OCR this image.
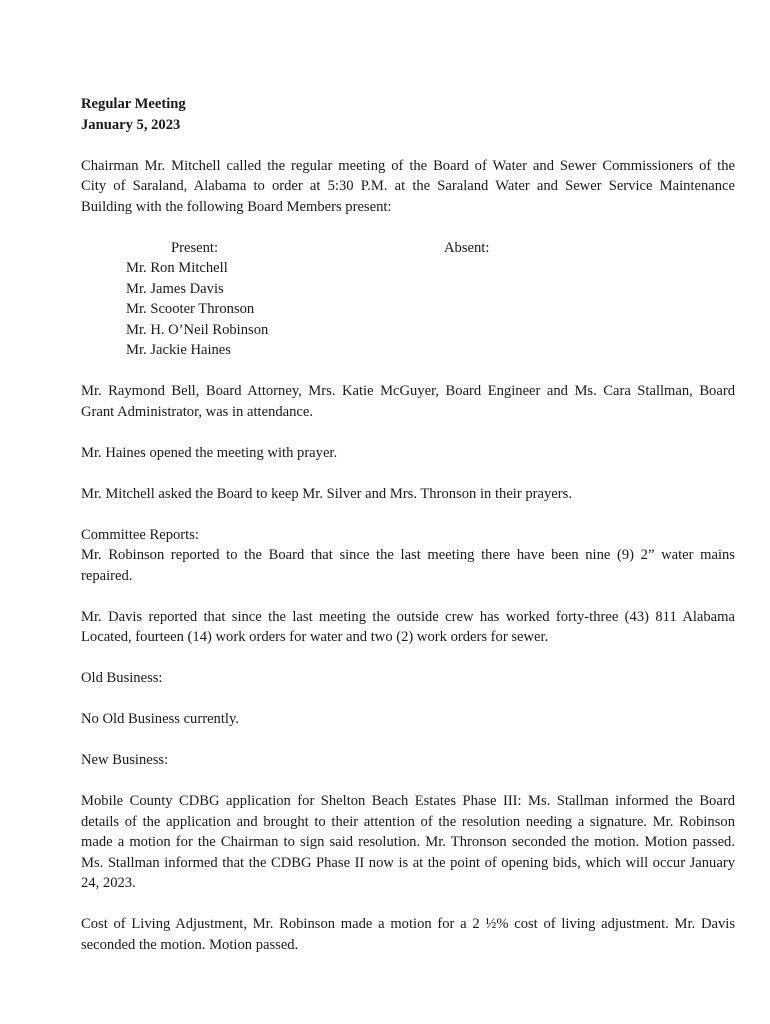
Regular Meeting
January 5, 2023
Chairman Mr. Mitchell called the regular meeting of the Board of Water and Sewer Commissioners of the
City of Saraland, Alabama to order at 5:30 P.M. at the Saraland Water and Sewer Service Maintenance
Building with the following Board Members present:
Present:	Absent:
Mr. Ron Mitchell
Mr. James Davis
Mr. Scooter Thronson
Mr. H. O’Neil Robinson
Mr. Jackie Haines
Mr. Raymond Bell, Board Attorney, Mrs. Katie McGuyer, Board Engineer and Ms. Cara Stallman, Board
Grant Administrator, was in attendance.
Mr. Haines opened the meeting with prayer.
Mr. Mitchell asked the Board to keep Mr. Silver and Mrs. Thronson in their prayers.
Committee Reports:
Mr. Robinson reported to the Board that since the last meeting there have been nine (9) 2” water mains
repaired.
Mr. Davis reported that since the last meeting the outside crew has worked forty-three (43) 811 Alabama
Located, fourteen (14) work orders for water and two (2) work orders for sewer.
Old Business:
No Old Business currently.
New Business:
Mobile County CDBG application for Shelton Beach Estates Phase III: Ms. Stallman informed the Board
details of the application and brought to their attention of the resolution needing a signature. Mr. Robinson
made a motion for the Chairman to sign said resolution. Mr. Thronson seconded the motion. Motion passed.
Ms. Stallman informed that the CDBG Phase II now is at the point of opening bids, which will occur January
24, 2023.
Cost of Living Adjustment, Mr. Robinson made a motion for a 2 ½% cost of living adjustment. Mr. Davis
seconded the motion. Motion passed.
